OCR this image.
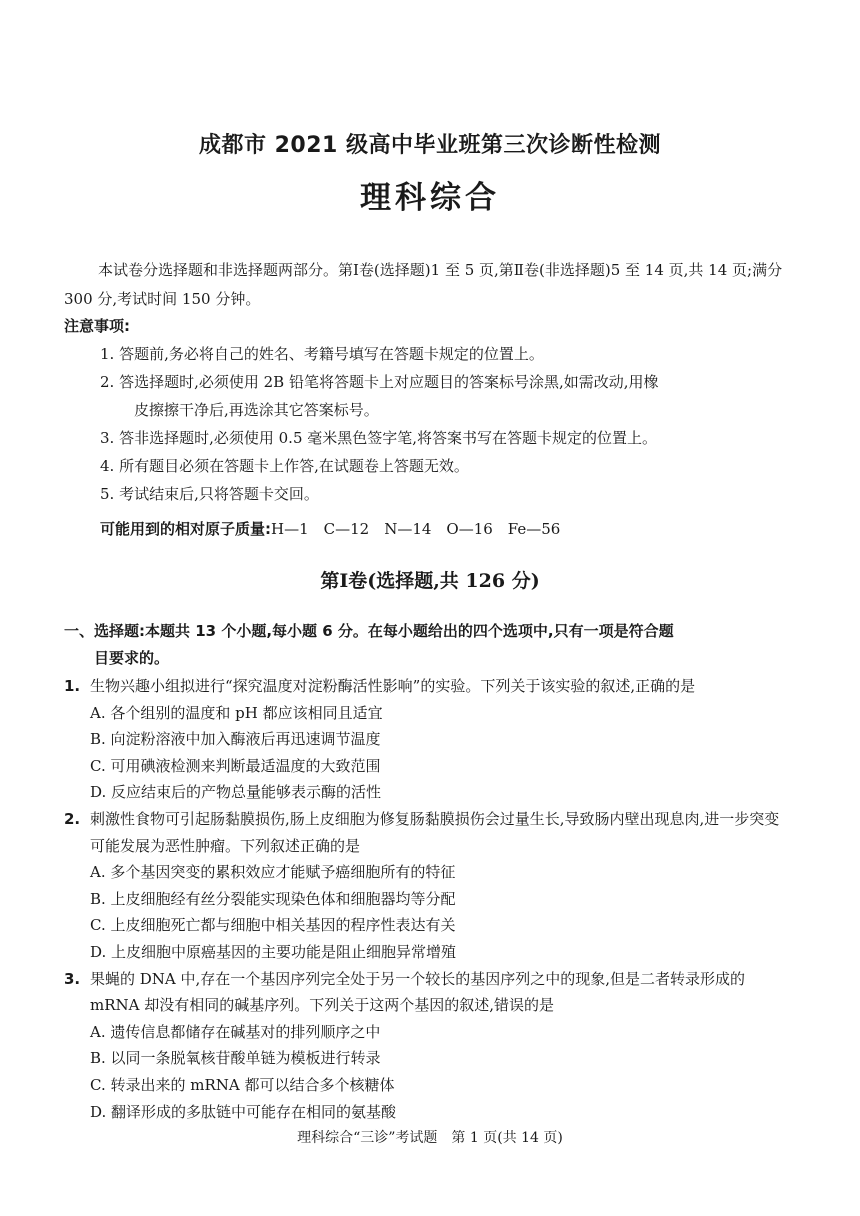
成都市 2021 级高中毕业班第三次诊断性检测
理科综合
本试卷分选择题和非选择题两部分。第Ⅰ卷(选择题)1 至 5 页,第Ⅱ卷(非选择题)5 至 14 页,共 14 页;满分 300 分,考试时间 150 分钟。
注意事项:
1. 答题前,务必将自己的姓名、考籍号填写在答题卡规定的位置上。
2. 答选择题时,必须使用 2B 铅笔将答题卡上对应题目的答案标号涂黑,如需改动,用橡
皮擦擦干净后,再选涂其它答案标号。
3. 答非选择题时,必须使用 0.5 毫米黑色签字笔,将答案书写在答题卡规定的位置上。
4. 所有题目必须在答题卡上作答,在试题卷上答题无效。
5. 考试结束后,只将答题卡交回。
可能用到的相对原子质量:H—1　C—12　N—14　O—16　Fe—56
第Ⅰ卷(选择题,共 126 分)
一、选择题:本题共 13 个小题,每小题 6 分。在每小题给出的四个选项中,只有一项是符合题
目要求的。
1. 生物兴趣小组拟进行“探究温度对淀粉酶活性影响”的实验。下列关于该实验的叙述,正确的是
A. 各个组别的温度和 pH 都应该相同且适宜
B. 向淀粉溶液中加入酶液后再迅速调节温度
C. 可用碘液检测来判断最适温度的大致范围
D. 反应结束后的产物总量能够表示酶的活性
2. 刺激性食物可引起肠黏膜损伤,肠上皮细胞为修复肠黏膜损伤会过量生长,导致肠内壁出现息肉,进一步突变可能发展为恶性肿瘤。下列叙述正确的是
A. 多个基因突变的累积效应才能赋予癌细胞所有的特征
B. 上皮细胞经有丝分裂能实现染色体和细胞器均等分配
C. 上皮细胞死亡都与细胞中相关基因的程序性表达有关
D. 上皮细胞中原癌基因的主要功能是阻止细胞异常增殖
3. 果蝇的 DNA 中,存在一个基因序列完全处于另一个较长的基因序列之中的现象,但是二者转录形成的 mRNA 却没有相同的碱基序列。下列关于这两个基因的叙述,错误的是
A. 遗传信息都储存在碱基对的排列顺序之中
B. 以同一条脱氧核苷酸单链为模板进行转录
C. 转录出来的 mRNA 都可以结合多个核糖体
D. 翻译形成的多肽链中可能存在相同的氨基酸
理科综合“三诊”考试题　第 1 页(共 14 页)
